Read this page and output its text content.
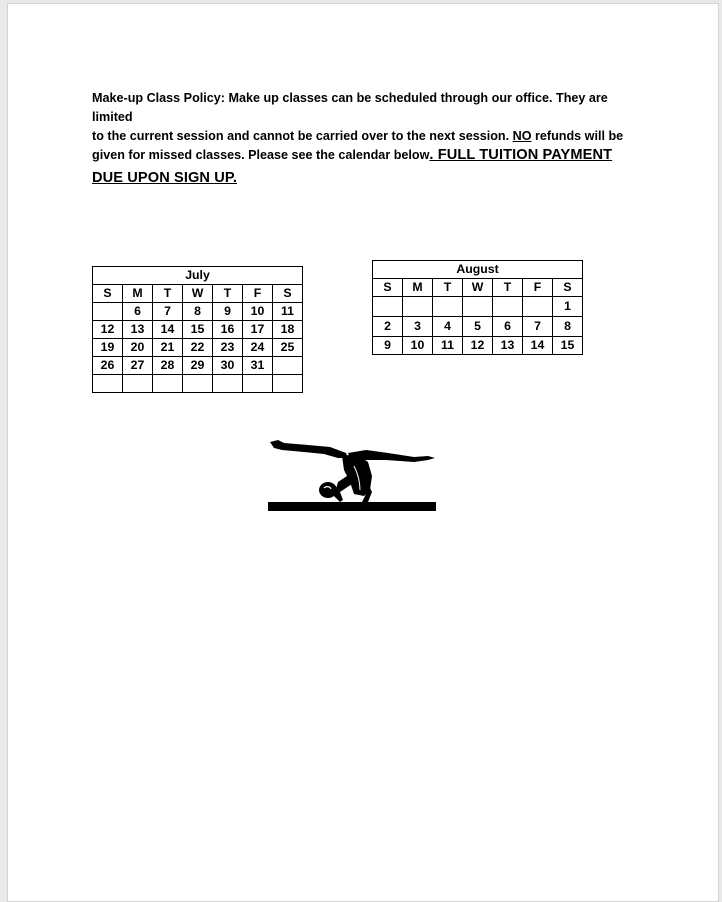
Make-up Class Policy: Make up classes can be scheduled through our office. They are limited
to the current session and cannot be carried over to the next session. NO refunds will be
given for missed classes. Please see the calendar below. FULL TUITION PAYMENT
DUE UPON SIGN UP.
July						
S	M	T	W	T	F	S
	6	7	8	9	10	11
12	13	14	15	16	17	18
19	20	21	22	23	24	25
26	27	28	29	30	31	

August						
S	M	T	W	T	F	S
						1
2	3	4	5	6	7	8
9	10	11	12	13	14	15
